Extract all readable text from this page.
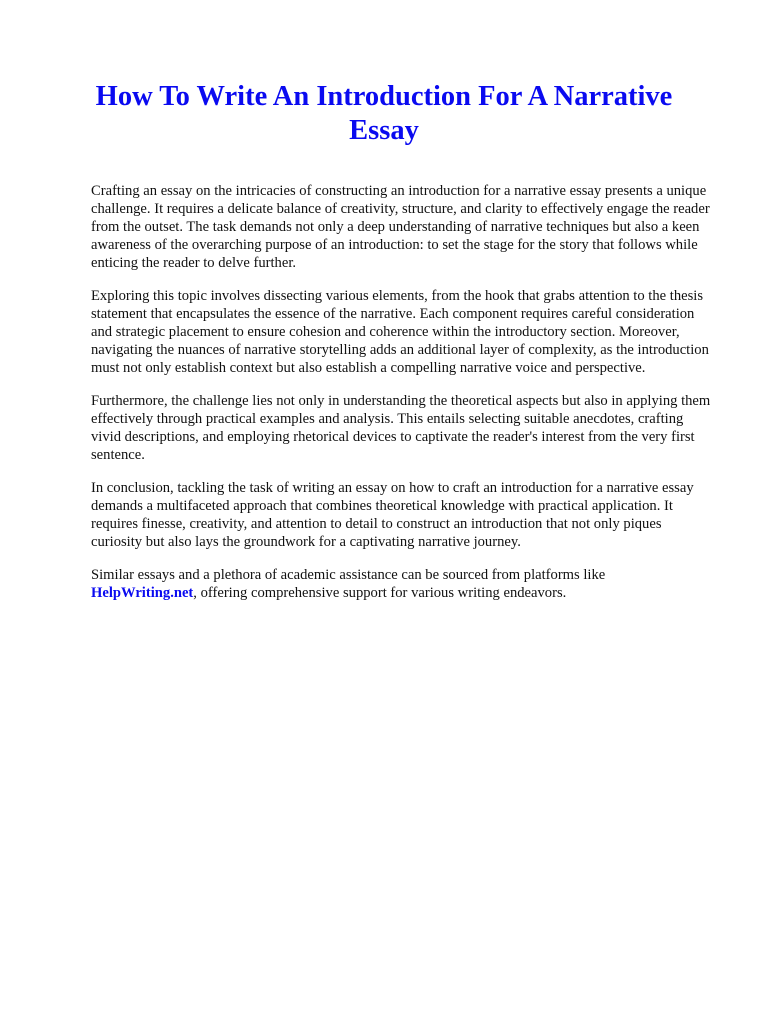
How To Write An Introduction For A Narrative Essay

Crafting an essay on the intricacies of constructing an introduction for a narrative essay presents a unique challenge. It requires a delicate balance of creativity, structure, and clarity to effectively engage the reader from the outset. The task demands not only a deep understanding of narrative techniques but also a keen awareness of the overarching purpose of an introduction: to set the stage for the story that follows while enticing the reader to delve further.

Exploring this topic involves dissecting various elements, from the hook that grabs attention to the thesis statement that encapsulates the essence of the narrative. Each component requires careful consideration and strategic placement to ensure cohesion and coherence within the introductory section. Moreover, navigating the nuances of narrative storytelling adds an additional layer of complexity, as the introduction must not only establish context but also establish a compelling narrative voice and perspective.

Furthermore, the challenge lies not only in understanding the theoretical aspects but also in applying them effectively through practical examples and analysis. This entails selecting suitable anecdotes, crafting vivid descriptions, and employing rhetorical devices to captivate the reader's interest from the very first sentence.

In conclusion, tackling the task of writing an essay on how to craft an introduction for a narrative essay demands a multifaceted approach that combines theoretical knowledge with practical application. It requires finesse, creativity, and attention to detail to construct an introduction that not only piques curiosity but also lays the groundwork for a captivating narrative journey.

Similar essays and a plethora of academic assistance can be sourced from platforms like HelpWriting.net, offering comprehensive support for various writing endeavors.
